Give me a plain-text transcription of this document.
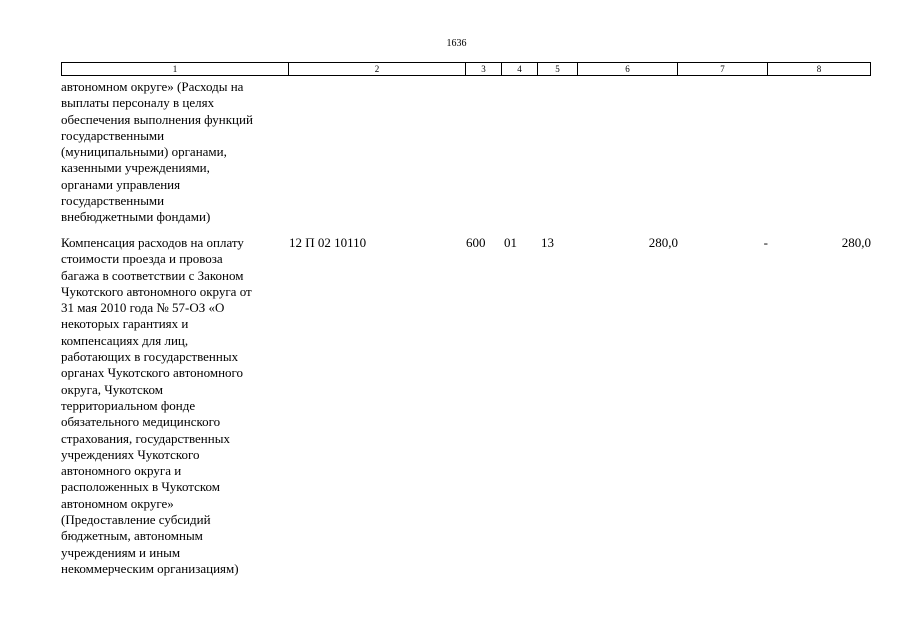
1636
1	2	3	4	5	6	7	8
автономном округе» (Расходы на
выплаты персоналу в целях
обеспечения выполнения функций
государственными
(муниципальными) органами,
казенными учреждениями,
органами управления
государственными
внебюджетными фондами)
Компенсация расходов на оплату
стоимости проезда и провоза
багажа в соответствии с Законом
Чукотского автономного округа от
31 мая 2010 года № 57-ОЗ «О
некоторых гарантиях и
компенсациях для лиц,
работающих в государственных
органах Чукотского автономного
округа, Чукотском
территориальном фонде
обязательного медицинского
страхования, государственных
учреждениях Чукотского
автономного округа и
расположенных в Чукотском
автономном округе»
(Предоставление субсидий
бюджетным, автономным
учреждениям и иным
некоммерческим организациям)
12 П 02 10110	600 01 13	280,0	-	280,0
